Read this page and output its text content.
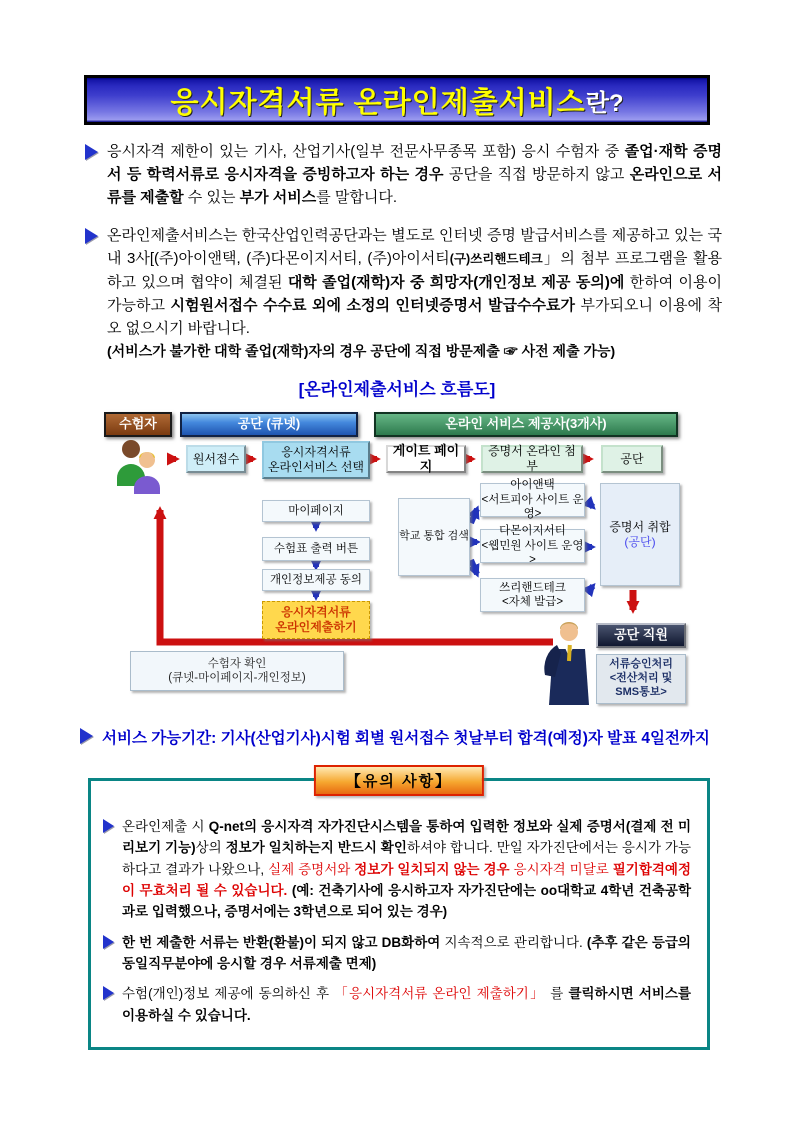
응시자격서류 온라인제출서비스 란?
응시자격 제한이 있는 기사, 산업기사(일부 전문사무종목 포함) 응시 수험자 중 졸업·재학 증명서 등 학력서류로 응시자격을 증빙하고자 하는 경우 공단을 직접 방문하지 않고 온라인으로 서류를 제출할 수 있는 부가 서비스를 말합니다.
온라인제출서비스는 한국산업인력공단과는 별도로 인터넷 증명 발급서비스를 제공하고 있는 국내 3사[(주)아이앤택, (주)다몬이지서티, (주)아이서티(구)쓰리핸드테크」의 첨부 프로그램을 활용하고 있으며 협약이 체결된 대학 졸업(재학)자 중 희망자(개인정보 제공 동의)에 한하여 이용이 가능하고 시험원서접수 수수료 외에 소정의 인터넷증명서 발급수수료가 부가되오니 이용에 착오 없으시기 바랍니다.
(서비스가 불가한 대학 졸업(재학)자의 경우 공단에 직접 방문제출 ☞ 사전 제출 가능)
[온라인제출서비스 흐름도]
수험자	공단 (큐넷)	온라인 서비스 제공사(3개사)
원서접수	응시자격서류
온라인서비스 선택
게이트 페이지
증명서 온라인 첨부
공단
마이페이지
수험표 출력 버튼
개인정보제공 동의
응시자격서류
온라인제출하기
학교 통합 검색
아이앤택
<서트피아 사이트 운영>
다몬이지서티
<웹민원 사이트 운영>
쓰리핸드테크
<자체 발급>
증명서 취합
(공단)
공단 직원
서류승인처리
<전산처리 및
SMS통보>
수험자 확인
(큐넷-마이페이지-개인정보)
서비스 가능기간: 기사(산업기사)시험 회별 원서접수 첫날부터 합격(예정)자 발표 4일전까지
【유의 사항】
온라인제출 시 Q-net의 응시자격 자가진단시스템을 통하여 입력한 정보와 실제 증명서(결제 전 미리보기 기능)상의 정보가 일치하는지 반드시 확인하셔야 합니다. 만일 자가진단에서는 응시가 가능하다고 결과가 나왔으나, 실제 증명서와 정보가 일치되지 않는 경우 응시자격 미달로 필기합격예정이 무효처리 될 수 있습니다. (예: 건축기사에 응시하고자 자가진단에는 oo대학교 4학년 건축공학과로 입력했으나, 증명서에는 3학년으로 되어 있는 경우)
한 번 제출한 서류는 반환(환불)이 되지 않고 DB화하여 지속적으로 관리합니다. (추후 같은 등급의 동일직무분야에 응시할 경우 서류제출 면제)
수험(개인)정보 제공에 동의하신 후 「응시자격서류 온라인 제출하기」 를 클릭하시면 서비스를 이용하실 수 있습니다.
